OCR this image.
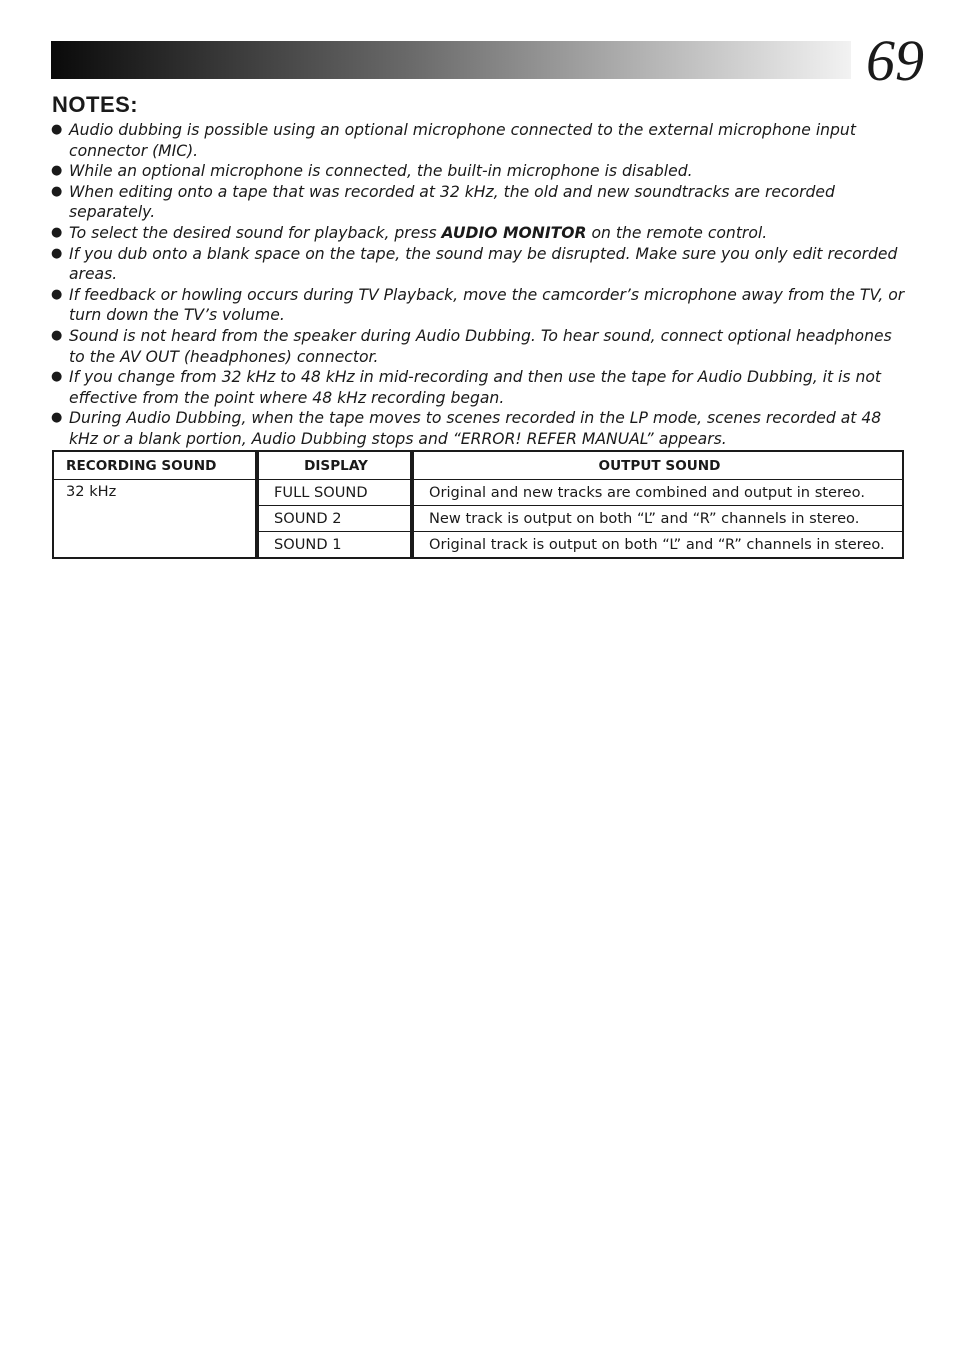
69
NOTES:
● Audio dubbing is possible using an optional microphone connected to the external microphone input connector (MIC).
● While an optional microphone is connected, the built-in microphone is disabled.
● When editing onto a tape that was recorded at 32 kHz, the old and new soundtracks are recorded separately.
● To select the desired sound for playback, press AUDIO MONITOR on the remote control.
● If you dub onto a blank space on the tape, the sound may be disrupted. Make sure you only edit recorded areas.
● If feedback or howling occurs during TV Playback, move the camcorder’s microphone away from the TV, or turn down the TV’s volume.
● Sound is not heard from the speaker during Audio Dubbing. To hear sound, connect optional headphones to the AV OUT (headphones) connector.
● If you change from 32 kHz to 48 kHz in mid-recording and then use the tape for Audio Dubbing, it is not effective from the point where 48 kHz recording began.
● During Audio Dubbing, when the tape moves to scenes recorded in the LP mode, scenes recorded at 48 kHz or a blank portion, Audio Dubbing stops and “ERROR! REFER MANUAL” appears.
RECORDING SOUND	DISPLAY	OUTPUT SOUND
32 kHz	FULL SOUND	Original and new tracks are combined and output in stereo.
	SOUND 2	New track is output on both “L” and “R” channels in stereo.
	SOUND 1	Original track is output on both “L” and “R” channels in stereo.
